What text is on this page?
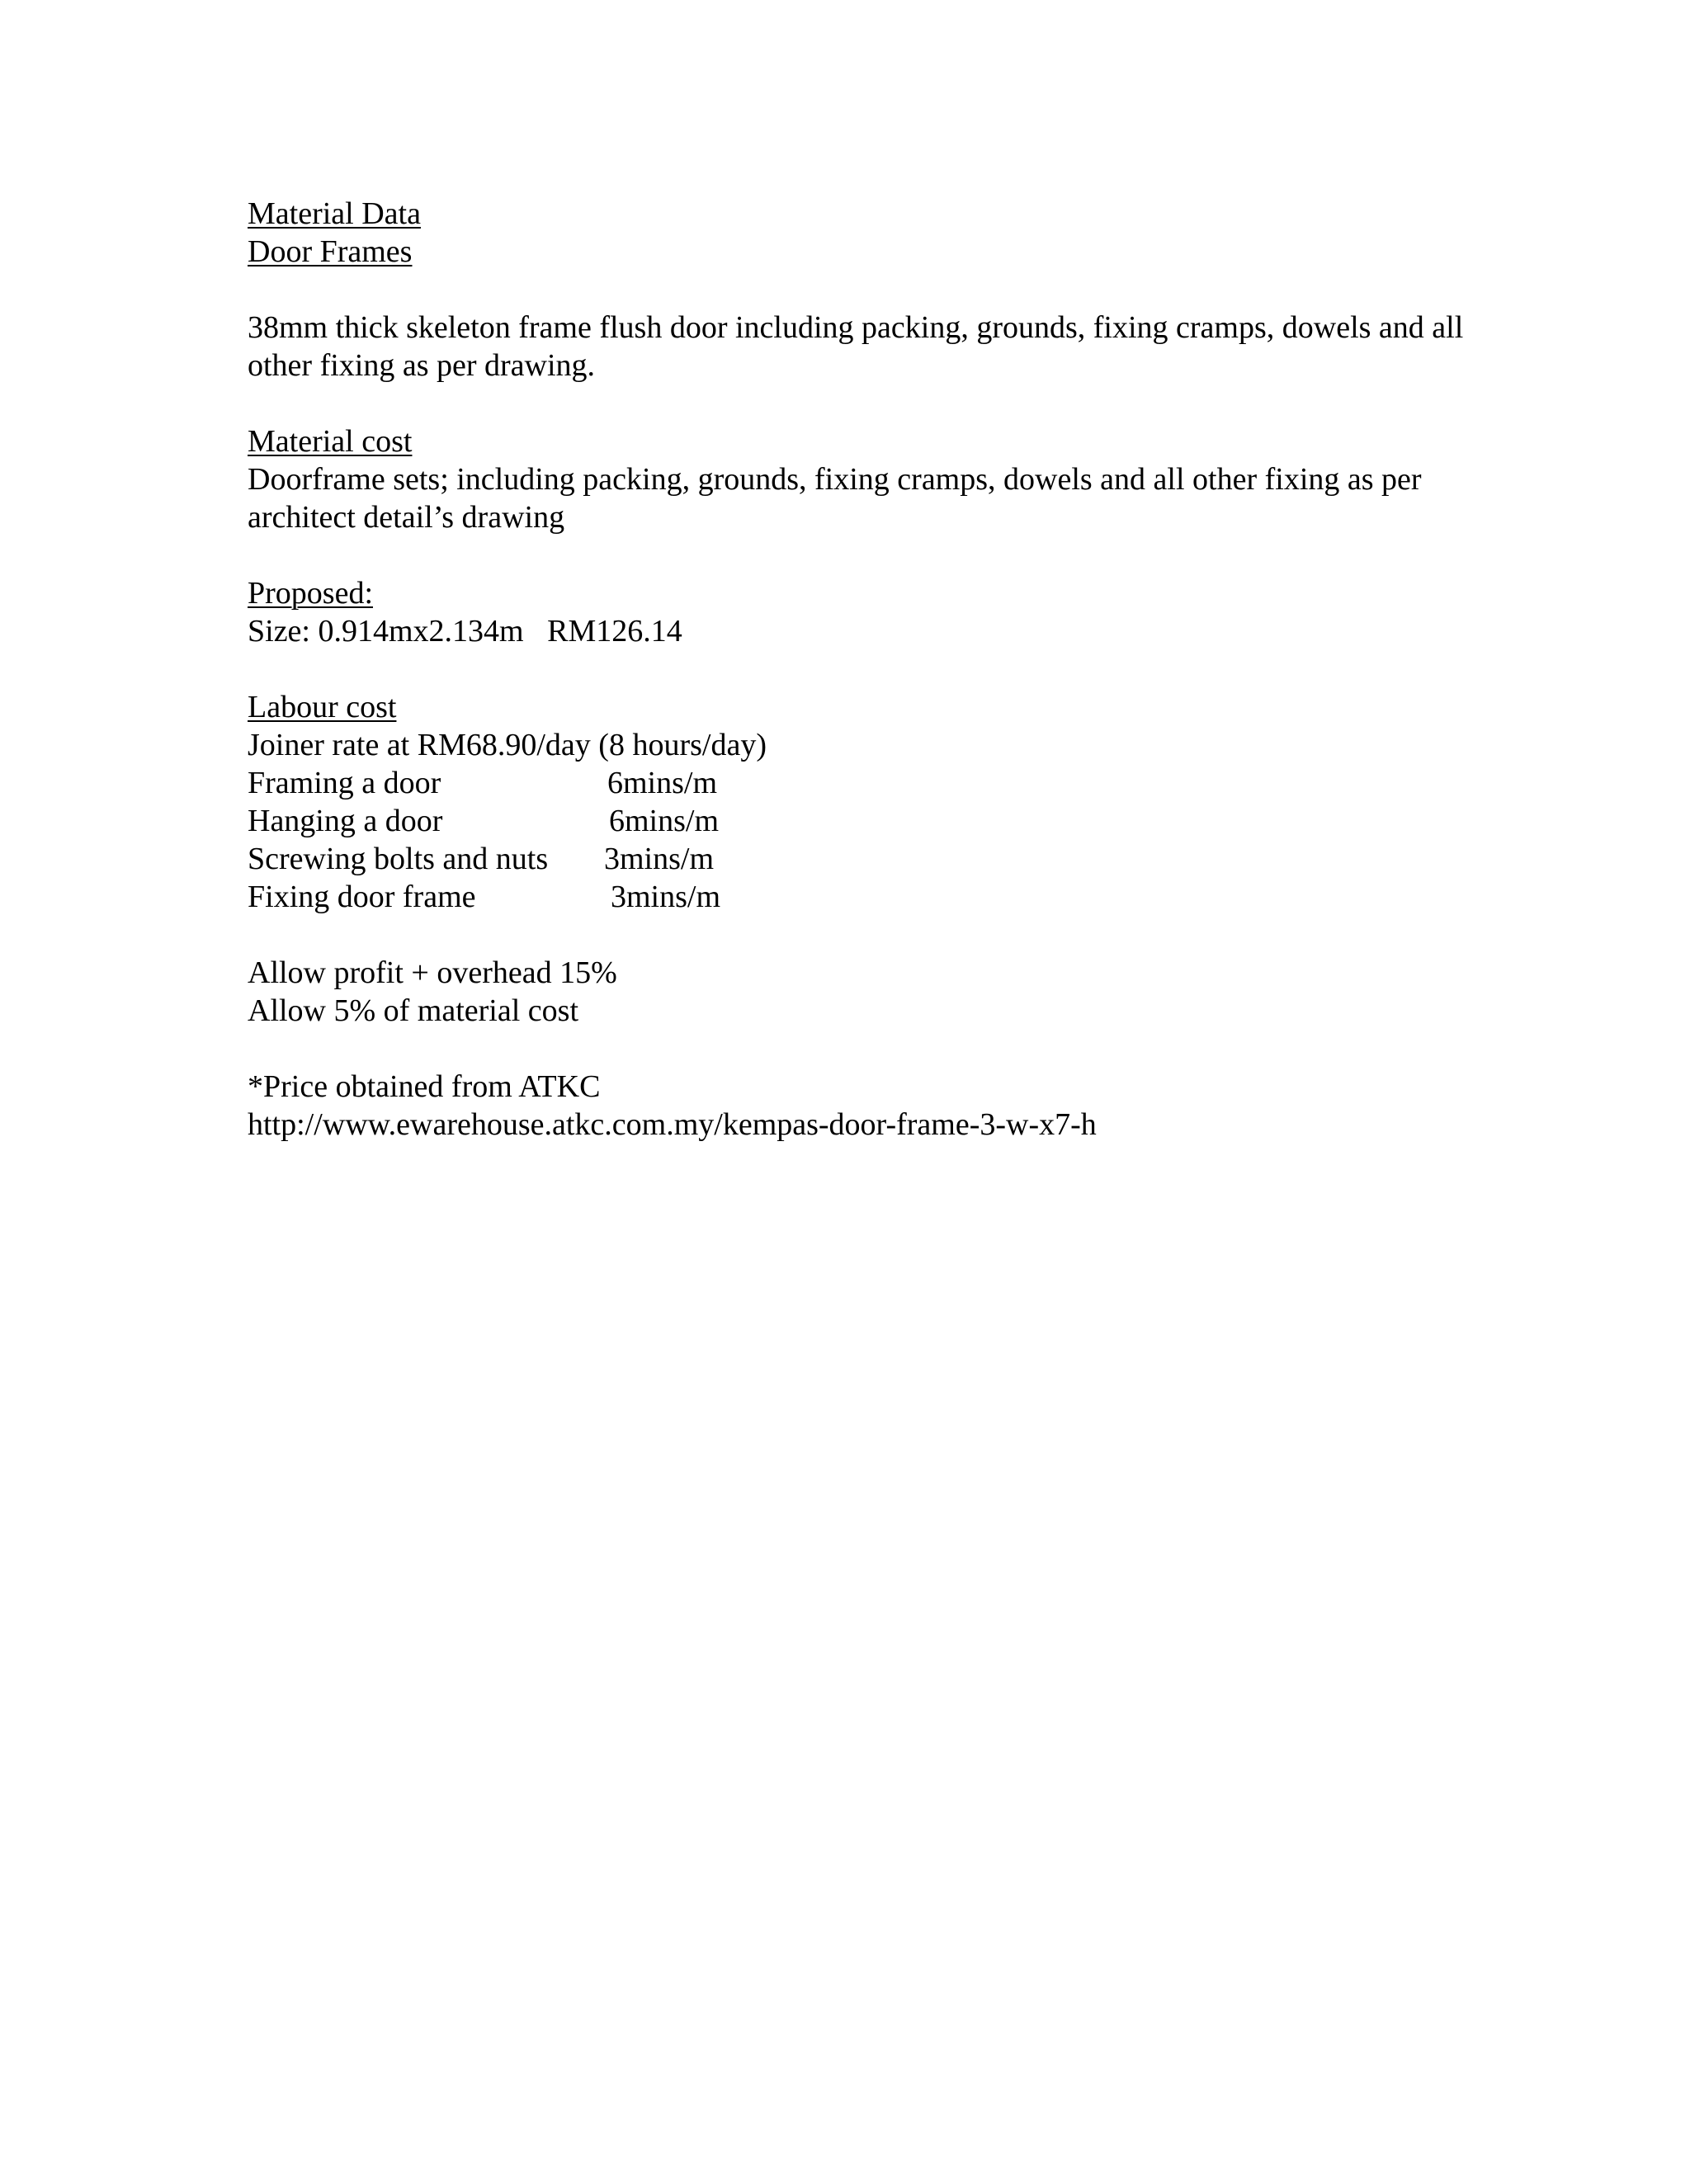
Material Data
Door Frames
38mm thick skeleton frame flush door including packing, grounds, fixing cramps, dowels and all other fixing as per drawing.
Material cost
Doorframe sets; including packing, grounds, fixing cramps, dowels and all other fixing as per architect detail’s drawing
Proposed:
Size: 0.914mx2.134m   RM126.14
Labour cost
Joiner rate at RM68.90/day (8 hours/day)
Framing a door	6mins/m
Hanging a door	6mins/m
Screwing bolts and nuts	3mins/m
Fixing door frame	3mins/m
Allow profit + overhead 15%
Allow 5% of material cost
*Price obtained from ATKC
http://www.ewarehouse.atkc.com.my/kempas-door-frame-3-w-x7-h
